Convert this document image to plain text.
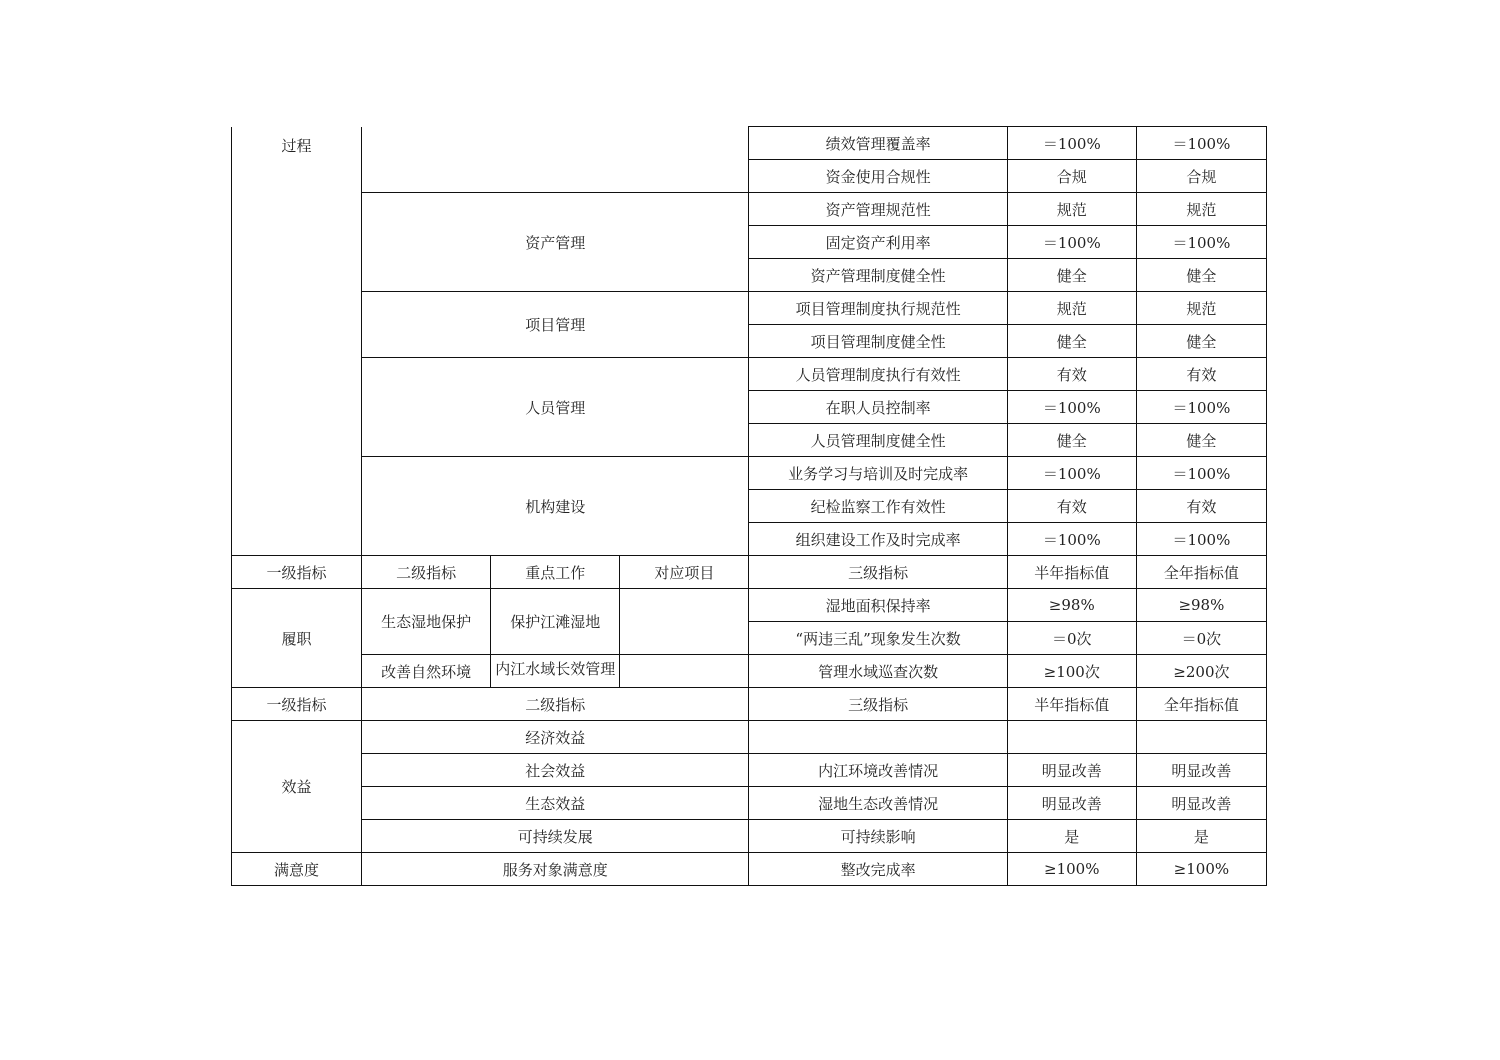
过程				绩效管理覆盖率	＝100%	＝100%
				资金使用合规性	合规	合规
	资产管理			资产管理规范性	规范	规范
				固定资产利用率	＝100%	＝100%
				资产管理制度健全性	健全	健全
	项目管理			项目管理制度执行规范性	规范	规范
				项目管理制度健全性	健全	健全
	人员管理			人员管理制度执行有效性	有效	有效
				在职人员控制率	＝100%	＝100%
				人员管理制度健全性	健全	健全
	机构建设			业务学习与培训及时完成率	＝100%	＝100%
				纪检监察工作有效性	有效	有效
				组织建设工作及时完成率	＝100%	＝100%
一级指标	二级指标	重点工作	对应项目	三级指标	半年指标值	全年指标值
履职	生态湿地保护	保护江滩湿地		湿地面积保持率	≥98%	≥98%
				“两违三乱”现象发生次数	＝0次	＝0次
	改善自然环境	内江水域长效管理		管理水域巡查次数	≥100次	≥200次
一级指标	二级指标			三级指标	半年指标值	全年指标值
效益	经济效益					
	社会效益			内江环境改善情况	明显改善	明显改善
	生态效益			湿地生态改善情况	明显改善	明显改善
	可持续发展			可持续影响	是	是
满意度	服务对象满意度			整改完成率	≥100%	≥100%
